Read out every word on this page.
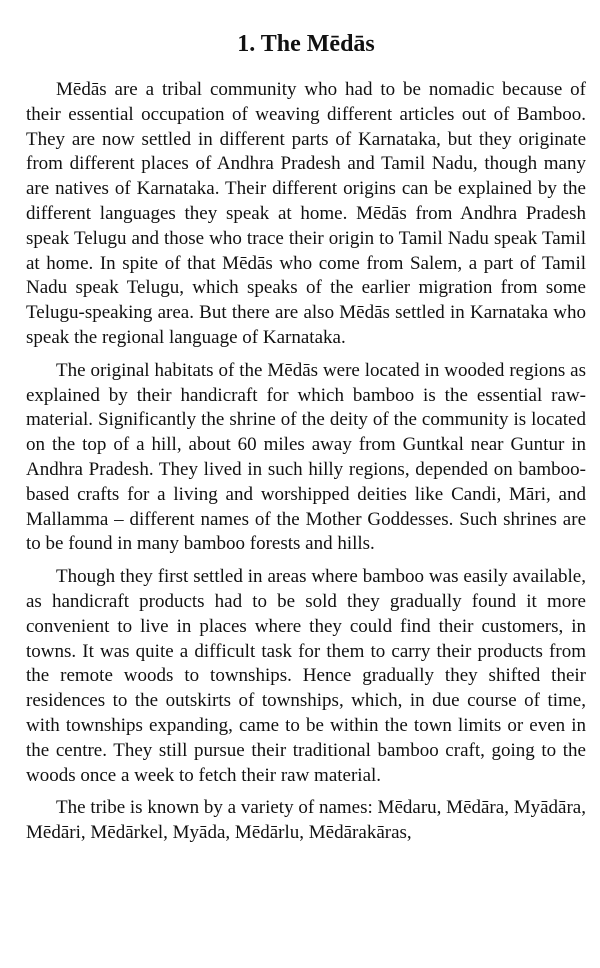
1. The Mēdās

Mēdās are a tribal community who had to be nomadic because of their essential occupation of weaving different articles out of Bamboo. They are now settled in different parts of Karnataka, but they originate from different places of Andhra Pradesh and Tamil Nadu, though many are natives of Karnataka. Their different origins can be explained by the different languages they speak at home. Mēdās from Andhra Pradesh speak Telugu and those who trace their origin to Tamil Nadu speak Tamil at home. In spite of that Mēdās who come from Salem, a part of Tamil Nadu speak Telugu, which speaks of the earlier migration from some Telugu-speaking area. But there are also Mēdās settled in Karnataka who speak the regional language of Karnataka.

The original habitats of the Mēdās were located in wooded regions as explained by their handicraft for which bamboo is the essential raw-material. Significantly the shrine of the deity of the community is located on the top of a hill, about 60 miles away from Guntkal near Guntur in Andhra Pradesh. They lived in such hilly regions, depended on bamboo-based crafts for a living and worshipped deities like Candi, Māri, and Mallamma – different names of the Mother Goddesses. Such shrines are to be found in many bamboo forests and hills.

Though they first settled in areas where bamboo was easily available, as handicraft products had to be sold they gradually found it more convenient to live in places where they could find their customers, in towns. It was quite a difficult task for them to carry their products from the remote woods to townships. Hence gradually they shifted their residences to the outskirts of townships, which, in due course of time, with townships expanding, came to be within the town limits or even in the centre. They still pursue their traditional bamboo craft, going to the woods once a week to fetch their raw material.

The tribe is known by a variety of names: Mēdaru, Mēdāra, Myādāra, Mēdāri, Mēdārkel, Myāda, Mēdārlu, Mēdārakāras,
